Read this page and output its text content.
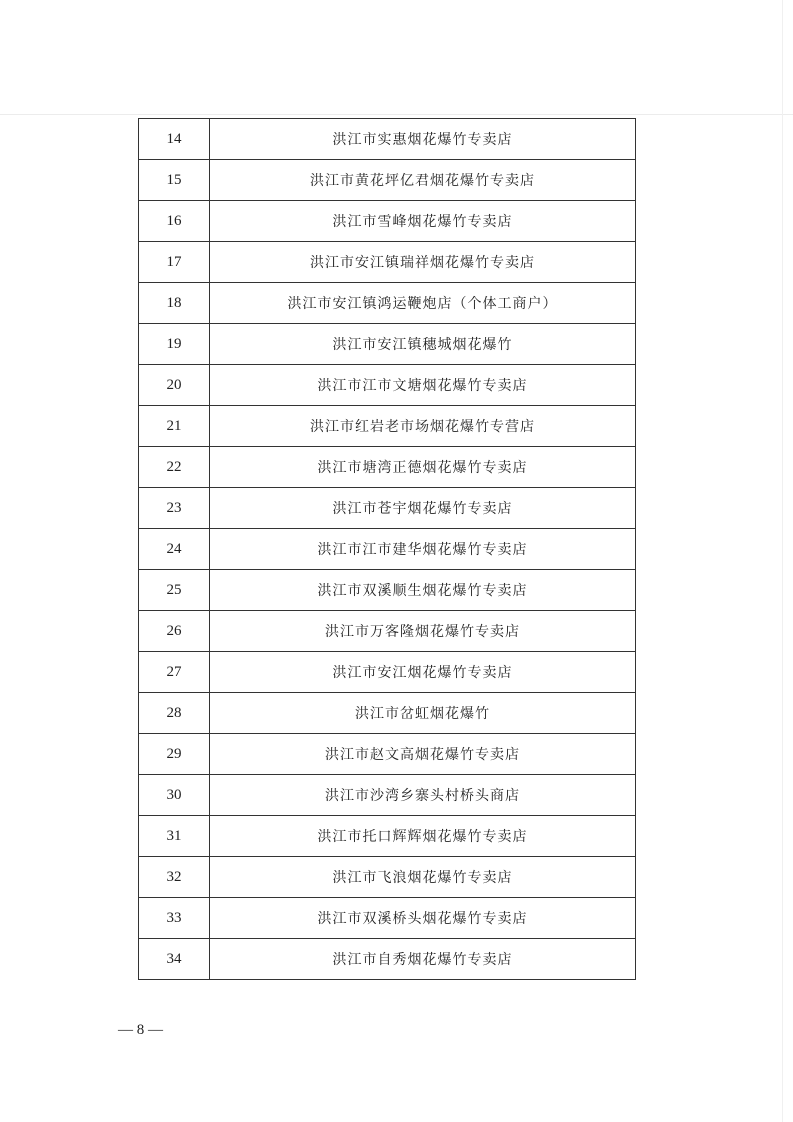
14	洪江市实惠烟花爆竹专卖店
15	洪江市黄花坪亿君烟花爆竹专卖店
16	洪江市雪峰烟花爆竹专卖店
17	洪江市安江镇瑞祥烟花爆竹专卖店
18	洪江市安江镇鸿运鞭炮店（个体工商户）
19	洪江市安江镇穗城烟花爆竹
20	洪江市江市文塘烟花爆竹专卖店
21	洪江市红岩老市场烟花爆竹专营店
22	洪江市塘湾正德烟花爆竹专卖店
23	洪江市苍宇烟花爆竹专卖店
24	洪江市江市建华烟花爆竹专卖店
25	洪江市双溪顺生烟花爆竹专卖店
26	洪江市万客隆烟花爆竹专卖店
27	洪江市安江烟花爆竹专卖店
28	洪江市岔虹烟花爆竹
29	洪江市赵文高烟花爆竹专卖店
30	洪江市沙湾乡寨头村桥头商店
31	洪江市托口辉辉烟花爆竹专卖店
32	洪江市飞浪烟花爆竹专卖店
33	洪江市双溪桥头烟花爆竹专卖店
34	洪江市自秀烟花爆竹专卖店
— 8 —
